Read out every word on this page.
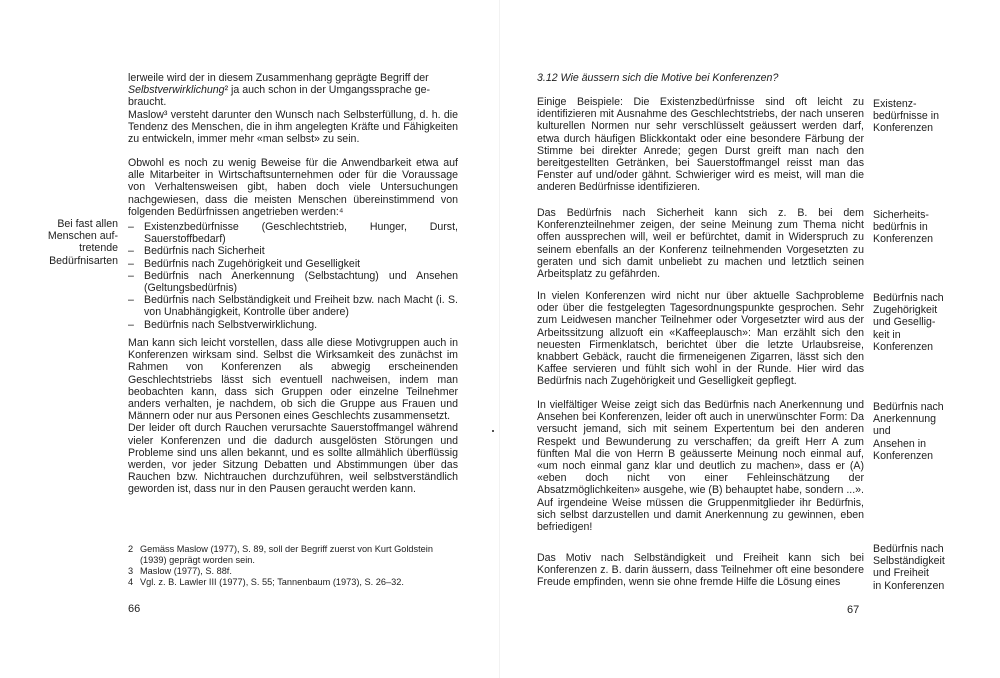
lerweile wird der in diesem Zusammenhang geprägte Begriff der

Selbstverwirklichung² ja auch schon in der Umgangssprache ge-

braucht.

Maslow³ versteht darunter den Wunsch nach Selbsterfüllung, d. h. die Tendenz des Menschen, die in ihm angelegten Kräfte und Fähigkeiten zu entwickeln, immer mehr «man selbst» zu sein.

Obwohl es noch zu wenig Beweise für die Anwendbarkeit etwa auf alle Mitarbeiter in Wirtschaftsunternehmen oder für die Voraussage von Verhaltensweisen gibt, haben doch viele Untersuchungen nachgewiesen, dass die meisten Menschen übereinstimmend von folgenden Bedürfnissen angetrieben werden:⁴

Bei fast allen
Menschen auf-
tretende
Bedürfnisarten
– Existenzbedürfnisse (Geschlechtstrieb, Hunger, Durst, Sauerstoffbedarf)
– Bedürfnis nach Sicherheit
– Bedürfnis nach Zugehörigkeit und Geselligkeit
– Bedürfnis nach Anerkennung (Selbstachtung) und Ansehen (Geltungsbedürfnis)
– Bedürfnis nach Selbständigkeit und Freiheit bzw. nach Macht (i. S. von Unabhängigkeit, Kontrolle über andere)
– Bedürfnis nach Selbstverwirklichung.

Man kann sich leicht vorstellen, dass alle diese Motivgruppen auch in Konferenzen wirksam sind. Selbst die Wirksamkeit des zunächst im Rahmen von Konferenzen als abwegig erscheinenden Geschlechtstriebs lässt sich eventuell nachweisen, indem man beobachten kann, dass sich Gruppen oder einzelne Teilnehmer anders verhalten, je nachdem, ob sich die Gruppe aus Frauen und Männern oder nur aus Personen eines Geschlechts zusammensetzt.

Der leider oft durch Rauchen verursachte Sauerstoffmangel während vieler Konferenzen und die dadurch ausgelösten Störungen und Probleme sind uns allen bekannt, und es sollte allmählich überflüssig werden, vor jeder Sitzung Debatten und Abstimmungen über das Rauchen bzw. Nichtrauchen durchzuführen, weil selbstverständlich geworden ist, dass nur in den Pausen geraucht werden kann.

2 Gemäss Maslow (1977), S. 89, soll der Begriff zuerst von Kurt Goldstein (1939) geprägt worden sein.
3 Maslow (1977), S. 88f.
4 Vgl. z. B. Lawler III (1977), S. 55; Tannenbaum (1973), S. 26–32.
66
3.12 Wie äussern sich die Motive bei Konferenzen?

Einige Beispiele: Die Existenzbedürfnisse sind oft leicht zu identifizieren mit Ausnahme des Geschlechtstriebs, der nach unseren kulturellen Normen nur sehr verschlüsselt geäussert werden darf, etwa durch häufigen Blickkontakt oder eine besondere Färbung der Stimme bei direkter Anrede; gegen Durst greift man nach den bereitgestellten Getränken, bei Sauerstoffmangel reisst man das Fenster auf und/oder gähnt. Schwieriger wird es meist, will man die anderen Bedürfnisse identifizieren.

Existenz-
bedürfnisse in
Konferenzen

Das Bedürfnis nach Sicherheit kann sich z. B. bei dem Konferenzteilnehmer zeigen, der seine Meinung zum Thema nicht offen aussprechen will, weil er befürchtet, damit in Widerspruch zu seinem ebenfalls an der Konferenz teilnehmenden Vorgesetzten zu geraten und sich damit unbeliebt zu machen und letztlich seinen Arbeitsplatz zu gefährden.

Sicherheits-
bedürfnis in
Konferenzen

In vielen Konferenzen wird nicht nur über aktuelle Sachprobleme oder über die festgelegten Tagesordnungspunkte gesprochen. Sehr zum Leidwesen mancher Teilnehmer oder Vorgesetzter wird aus der Arbeitssitzung allzuoft ein «Kaffeeplausch»: Man erzählt sich den neuesten Firmenklatsch, berichtet über die letzte Urlaubsreise, knabbert Gebäck, raucht die firmeneigenen Zigarren, lässt sich den Kaffee servieren und fühlt sich wohl in der Runde. Hier wird das Bedürfnis nach Zugehörigkeit und Geselligkeit gepflegt.

Bedürfnis nach
Zugehörigkeit
und Gesellig-
keit in
Konferenzen

In vielfältiger Weise zeigt sich das Bedürfnis nach Anerkennung und Ansehen bei Konferenzen, leider oft auch in unerwünschter Form: Da versucht jemand, sich mit seinem Expertentum bei den anderen Respekt und Bewunderung zu verschaffen; da greift Herr A zum fünften Mal die von Herrn B geäusserte Meinung noch einmal auf, «um noch einmal ganz klar und deutlich zu machen», dass er (A) «eben doch nicht von einer Fehleinschätzung der Absatzmöglichkeiten» ausgehe, wie (B) behauptet habe, sondern ...». Auf irgendeine Weise müssen die Gruppenmitglieder ihr Bedürfnis, sich selbst darzustellen und damit Anerkennung zu gewinnen, eben befriedigen!

Bedürfnis nach
Anerkennung
und
Ansehen in
Konferenzen

Das Motiv nach Selbständigkeit und Freiheit kann sich bei Konferenzen z. B. darin äussern, dass Teilnehmer oft eine besondere Freude empfinden, wenn sie ohne fremde Hilfe die Lösung eines

Bedürfnis nach
Selbständigkeit
und Freiheit
in Konferenzen
67
